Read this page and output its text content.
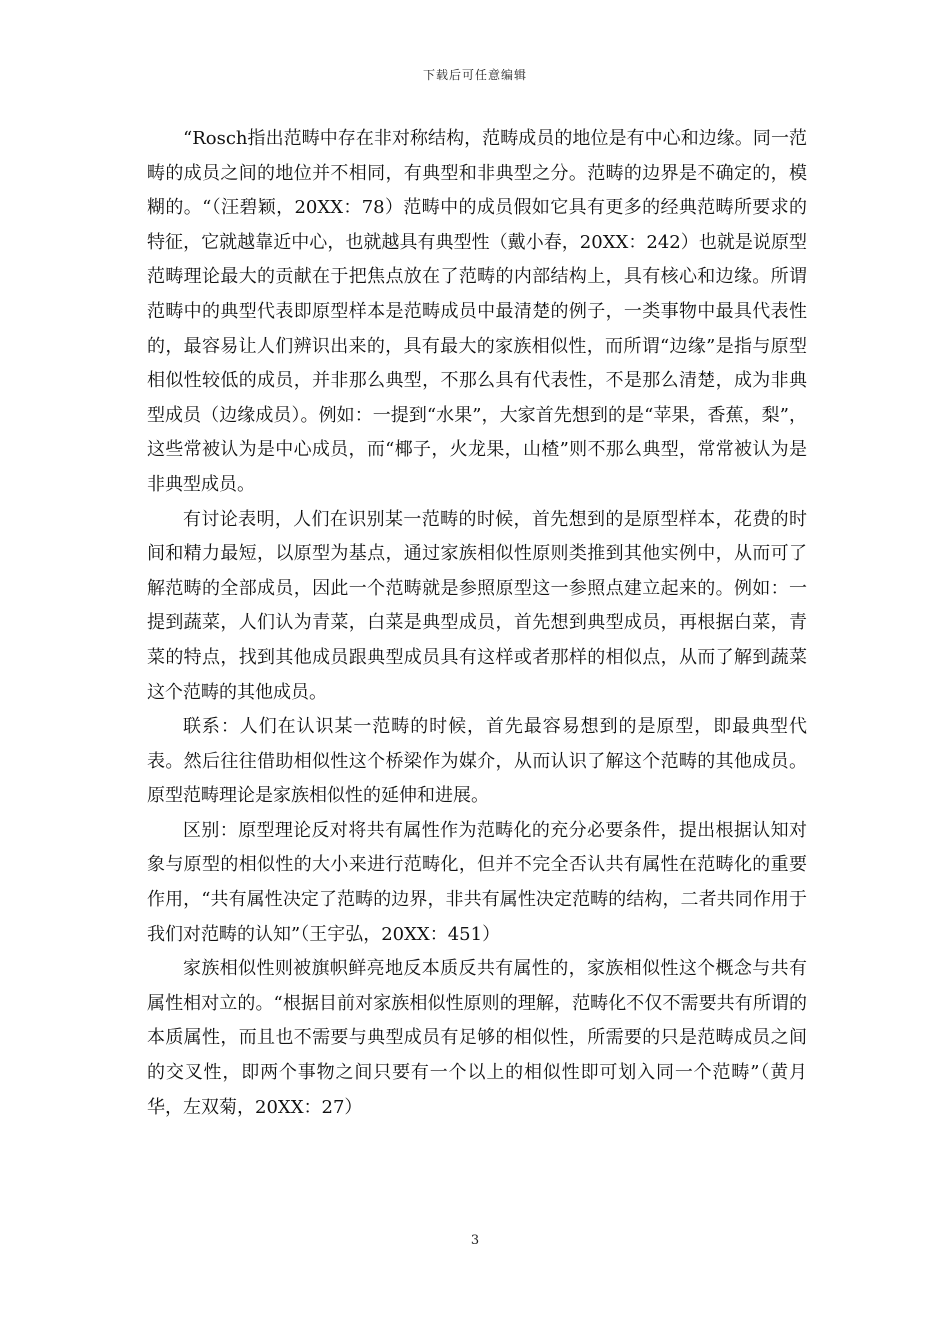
下载后可任意编辑

“Rosch指出范畴中存在非对称结构，范畴成员的地位是有中心和边缘。同一范畴的成员之间的地位并不相同，有典型和非典型之分。范畴的边界是不确定的，模糊的。“（汪碧颖，20XX：78）范畴中的成员假如它具有更多的经典范畴所要求的特征，它就越靠近中心，也就越具有典型性（戴小春，20XX：242）也就是说原型范畴理论最大的贡献在于把焦点放在了范畴的内部结构上，具有核心和边缘。所谓范畴中的典型代表即原型样本是范畴成员中最清楚的例子，一类事物中最具代表性的，最容易让人们辨识出来的，具有最大的家族相似性，而所谓“边缘”是指与原型相似性较低的成员，并非那么典型，不那么具有代表性，不是那么清楚，成为非典型成员（边缘成员）。例如：一提到“水果”，大家首先想到的是“苹果，香蕉，梨”，这些常被认为是中心成员，而“椰子，火龙果，山楂”则不那么典型，常常被认为是非典型成员。

有讨论表明，人们在识别某一范畴的时候，首先想到的是原型样本，花费的时间和精力最短，以原型为基点，通过家族相似性原则类推到其他实例中，从而可了解范畴的全部成员，因此一个范畴就是参照原型这一参照点建立起来的。例如：一提到蔬菜，人们认为青菜，白菜是典型成员，首先想到典型成员，再根据白菜，青菜的特点，找到其他成员跟典型成员具有这样或者那样的相似点，从而了解到蔬菜这个范畴的其他成员。

联系：人们在认识某一范畴的时候，首先最容易想到的是原型，即最典型代表。然后往往借助相似性这个桥梁作为媒介，从而认识了解这个范畴的其他成员。原型范畴理论是家族相似性的延伸和进展。

区别：原型理论反对将共有属性作为范畴化的充分必要条件，提出根据认知对象与原型的相似性的大小来进行范畴化，但并不完全否认共有属性在范畴化的重要作用，“共有属性决定了范畴的边界，非共有属性决定范畴的结构，二者共同作用于我们对范畴的认知”（王宇弘，20XX：451）

家族相似性则被旗帜鲜亮地反本质反共有属性的，家族相似性这个概念与共有属性相对立的。“根据目前对家族相似性原则的理解，范畴化不仅不需要共有所谓的本质属性，而且也不需要与典型成员有足够的相似性，所需要的只是范畴成员之间的交叉性，即两个事物之间只要有一个以上的相似性即可划入同一个范畴”（黄月华，左双菊，20XX：27）

3
